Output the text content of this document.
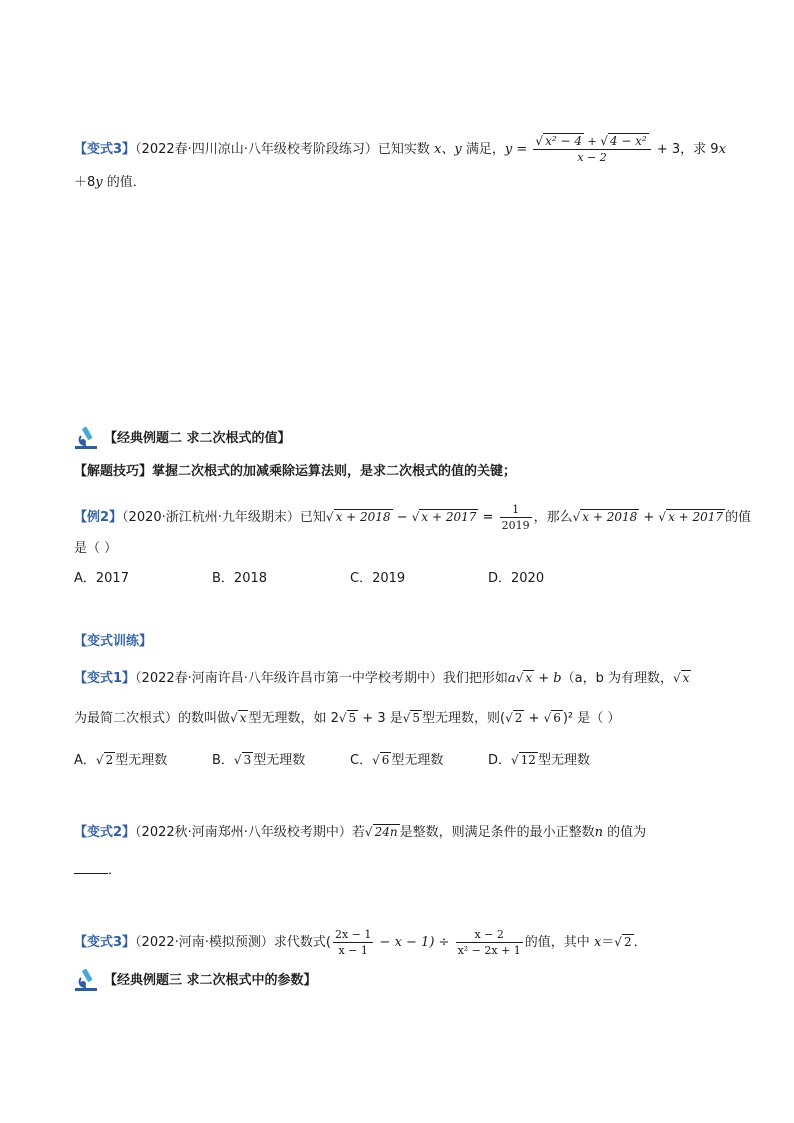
【变式3】（2022春·四川凉山·八年级校考阶段练习）已知实数 x、y 满足，$y = \frac{\text{√ x² − 4 + √ 4 − x²}}{x - 2} + 3$，求 9x
＋8y 的值．
【经典例题二 求二次根式的值】
【解题技巧】掌握二次根式的加减乘除运算法则，是求二次根式的值的关键；
【例2】（2020·浙江杭州·九年级期末）已知√ x + 2018 − √ $x + 2017 = \frac{1}{2019}$ ，那么√ x + 2018 + √ x + 2017 的值
是（ ）
A．2017	B．2018	C．2019	D．2020
【变式训练】
【变式1】（2022春·河南许昌·八年级许昌市第一中学校考期中）我们把形如a√ x + b（a，b 为有理数，√ x
为最简二次根式）的数叫做√ x 型无理数，如 2√ 5 + 3 是√ 5 型无理数，则(√ 2 + √ 6 )² 是（ ）
A．√ 2 型无理数	B．√ 3 型无理数	C．√ 6 型无理数	D．√ 12 型无理数
【变式2】（2022秋·河南郑州·八年级校考期中）若√ 24n 是整数，则满足条件的最小正整数n 的值为
．
【变式3】（2022·河南·模拟预测）求代数式( $\frac{2x - 1}{x - 1} - x - 1) \div \frac{x - 2}{\text{x² − 2x + 1}}$ 的值，其中 x＝√ 2 ．
【经典例题三 求二次根式中的参数】
